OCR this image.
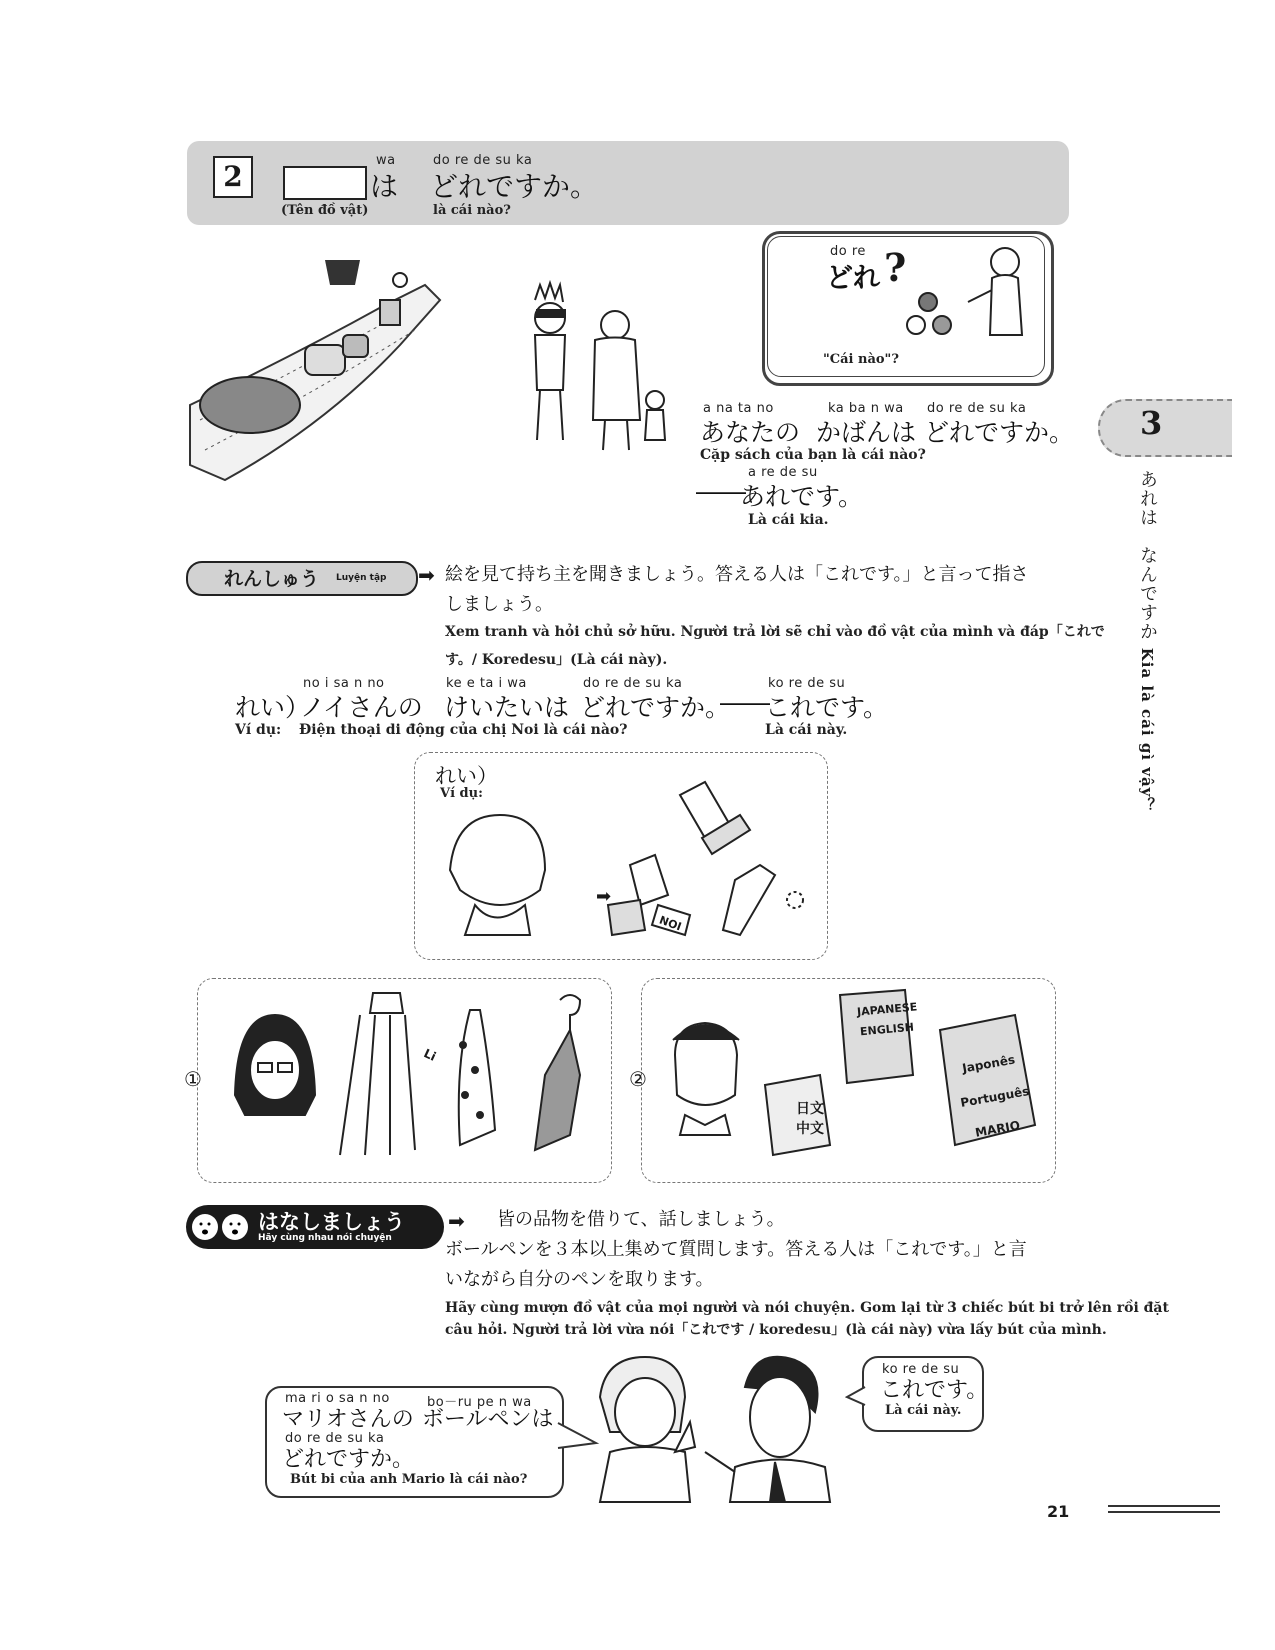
2	wa
は
do re de su ka
どれですか。
(Tên đồ vật)	là cái nào?
do re
どれ ?
"Cái nào"?
a na ta no	ka ba n wa do re de su ka
あなたの かばんは どれですか。
Cặp sách của bạn là cái nào?
a re de su
――
あれです。
Là cái kia.
3
あれは　なんですか Kia là cái gì vậy？
れんしゅう Luyện tập ➡ 絵を見て持ち主を聞きましょう。答える人は「これです。」と言って指さ
しましょう。
Xem tranh và hỏi chủ sở hữu. Người trả lời sẽ chỉ vào đồ vật của mình và đáp「これで
す。/ Koredesu」(Là cái này).
no i sa n no	ke e ta i wa	do re de su ka	ko re de su
れい）
ノイさんの けいたいは どれですか。
――
これです。
Ví dụ: Điện thoại di động của chị Noi là cái nào?	Là cái này.
れい）
Ví dụ:
➡
NOI
①
Li
②
JAPANESE
ENGLISH
日文
中文
Japonês
Português
MARIO
はなしましょう
Hãy cùng nhau nói chuyện
➡ 皆の品物を借りて、話しましょう。
ボールペンを３本以上集めて質問します。答える人は「これです。」と言
いながら自分のペンを取ります。
Hãy cùng mượn đồ vật của mọi người và nói chuyện. Gom lại từ 3 chiếc bút bi trở lên rồi đặt
câu hỏi. Người trả lời vừa nói「これです / koredesu」(là cái này) vừa lấy bút của mình.
ma ri o sa n no	bo－ru pe n wa
マリオさんの ボールペンは
do re de su ka
どれですか。
Bút bi của anh Mario là cái nào?
ko re de su
これです。
Là cái này.
21
